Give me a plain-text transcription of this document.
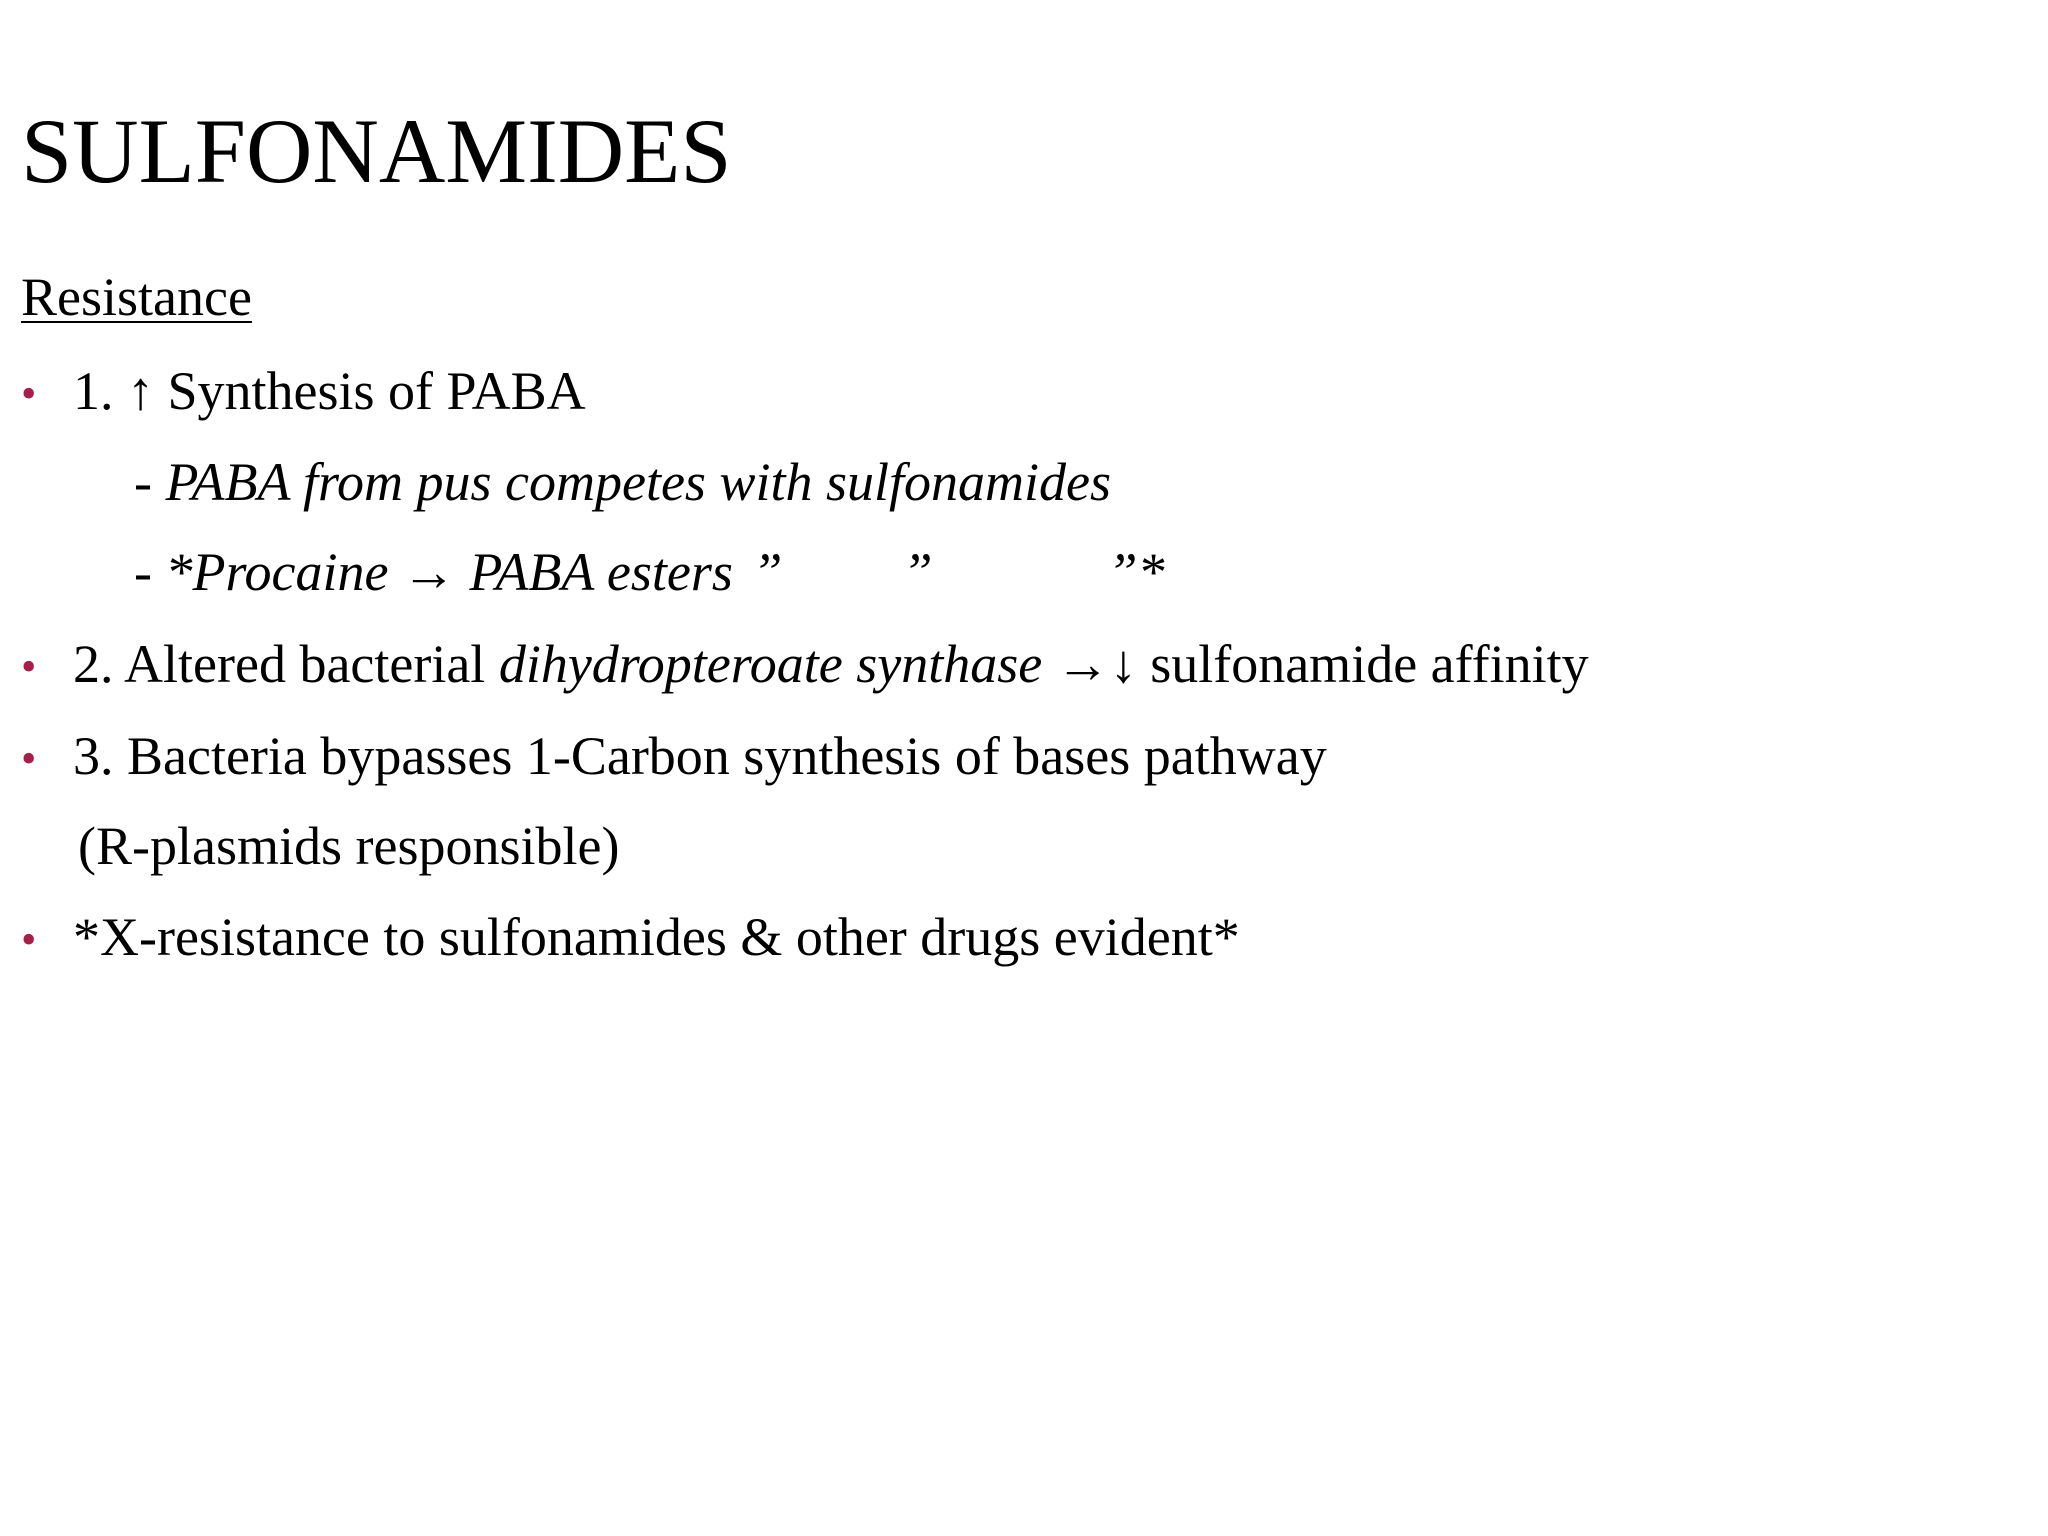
SULFONAMIDES
Resistance
• 1. ↑ Synthesis of PABA
- PABA from pus competes with sulfonamides
- *Procaine → PABA esters ” ”	”*
• 2. Altered bacterial dihydropteroate synthase →↓ sulfonamide affinity
• 3. Bacteria bypasses 1-Carbon synthesis of bases pathway
(R-plasmids responsible)
• *X-resistance to sulfonamides & other drugs evident*
